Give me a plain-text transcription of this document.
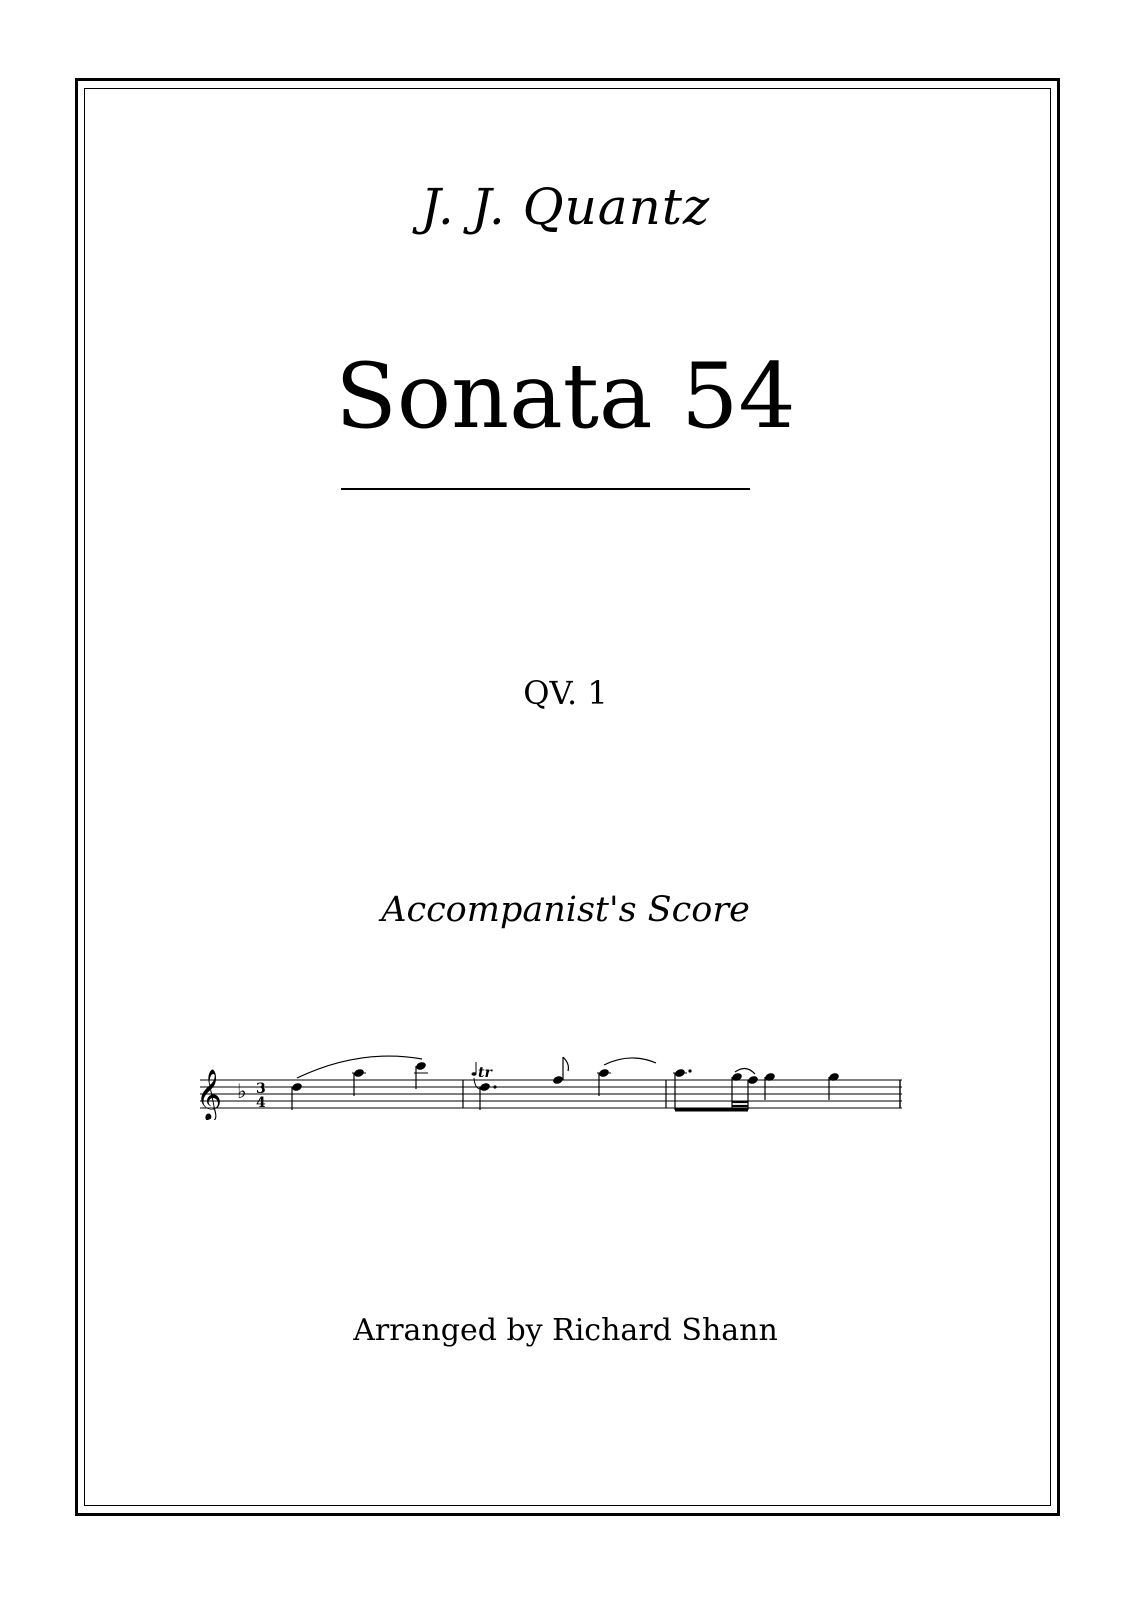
J. J. Quantz
Sonata 54
QV. 1
Accompanist's Score
𝄞 ♭ 3
4
tr
Arranged by Richard Shann
